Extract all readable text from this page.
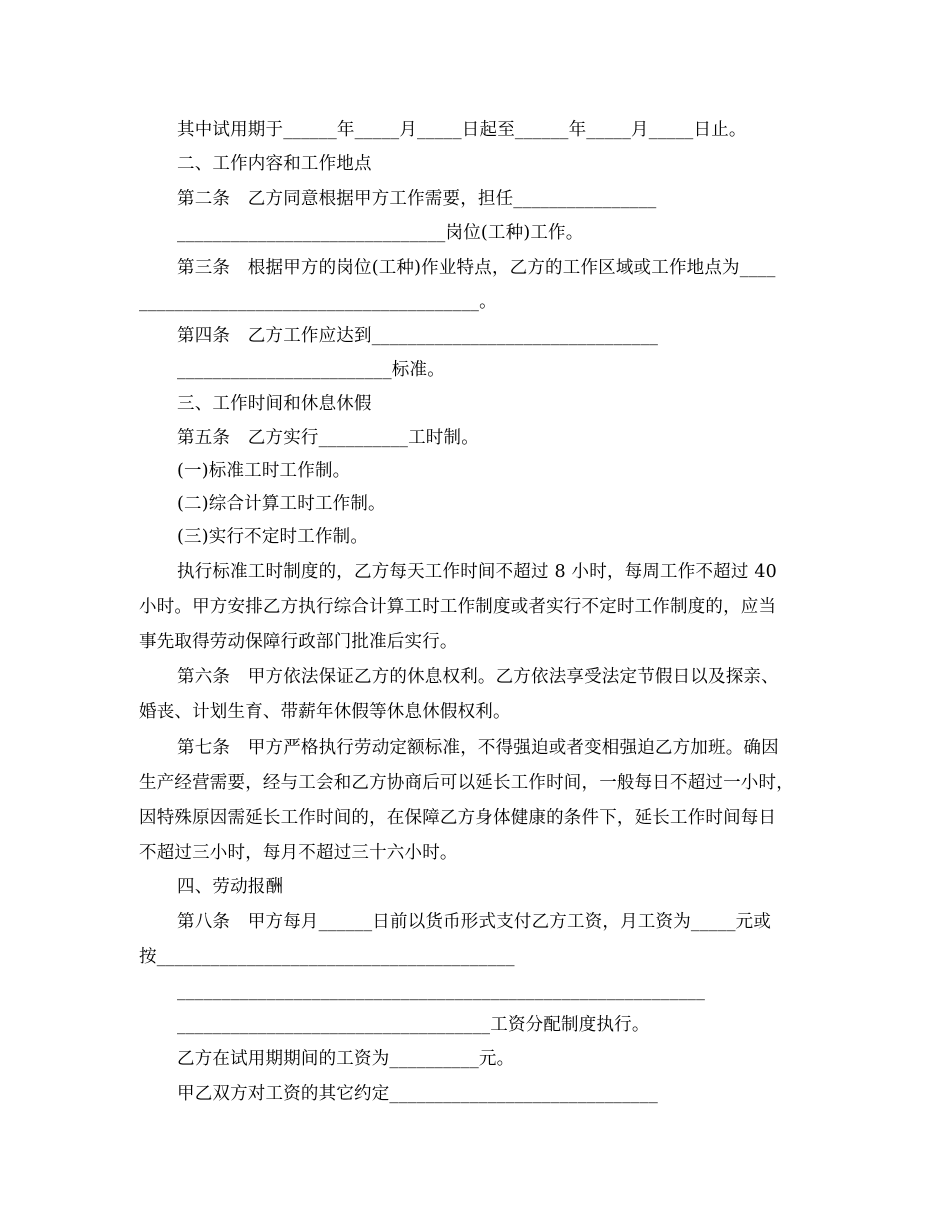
其中试用期于______年_____月_____日起至______年_____月_____日止。
二、工作内容和工作地点
第二条　乙方同意根据甲方工作需要，担任________________
______________________________岗位(工种)工作。
第三条　根据甲方的岗位(工种)作业特点，乙方的工作区域或工作地点为____
______________________________________。
第四条　乙方工作应达到________________________________
________________________标准。
三、工作时间和休息休假
第五条　乙方实行__________工时制。
(一)标准工时工作制。
(二)综合计算工时工作制。
(三)实行不定时工作制。
执行标准工时制度的，乙方每天工作时间不超过 8 小时，每周工作不超过 40
小时。甲方安排乙方执行综合计算工时工作制度或者实行不定时工作制度的，应当
事先取得劳动保障行政部门批准后实行。
第六条　甲方依法保证乙方的休息权利。乙方依法享受法定节假日以及探亲、
婚丧、计划生育、带薪年休假等休息休假权利。
第七条　甲方严格执行劳动定额标准，不得强迫或者变相强迫乙方加班。确因
生产经营需要，经与工会和乙方协商后可以延长工作时间，一般每日不超过一小时，
因特殊原因需延长工作时间的，在保障乙方身体健康的条件下，延长工作时间每日
不超过三小时，每月不超过三十六小时。
四、劳动报酬
第八条　甲方每月______日前以货币形式支付乙方工资，月工资为_____元或
按________________________________________
___________________________________________________________
___________________________________工资分配制度执行。
乙方在试用期期间的工资为__________元。
甲乙双方对工资的其它约定______________________________
